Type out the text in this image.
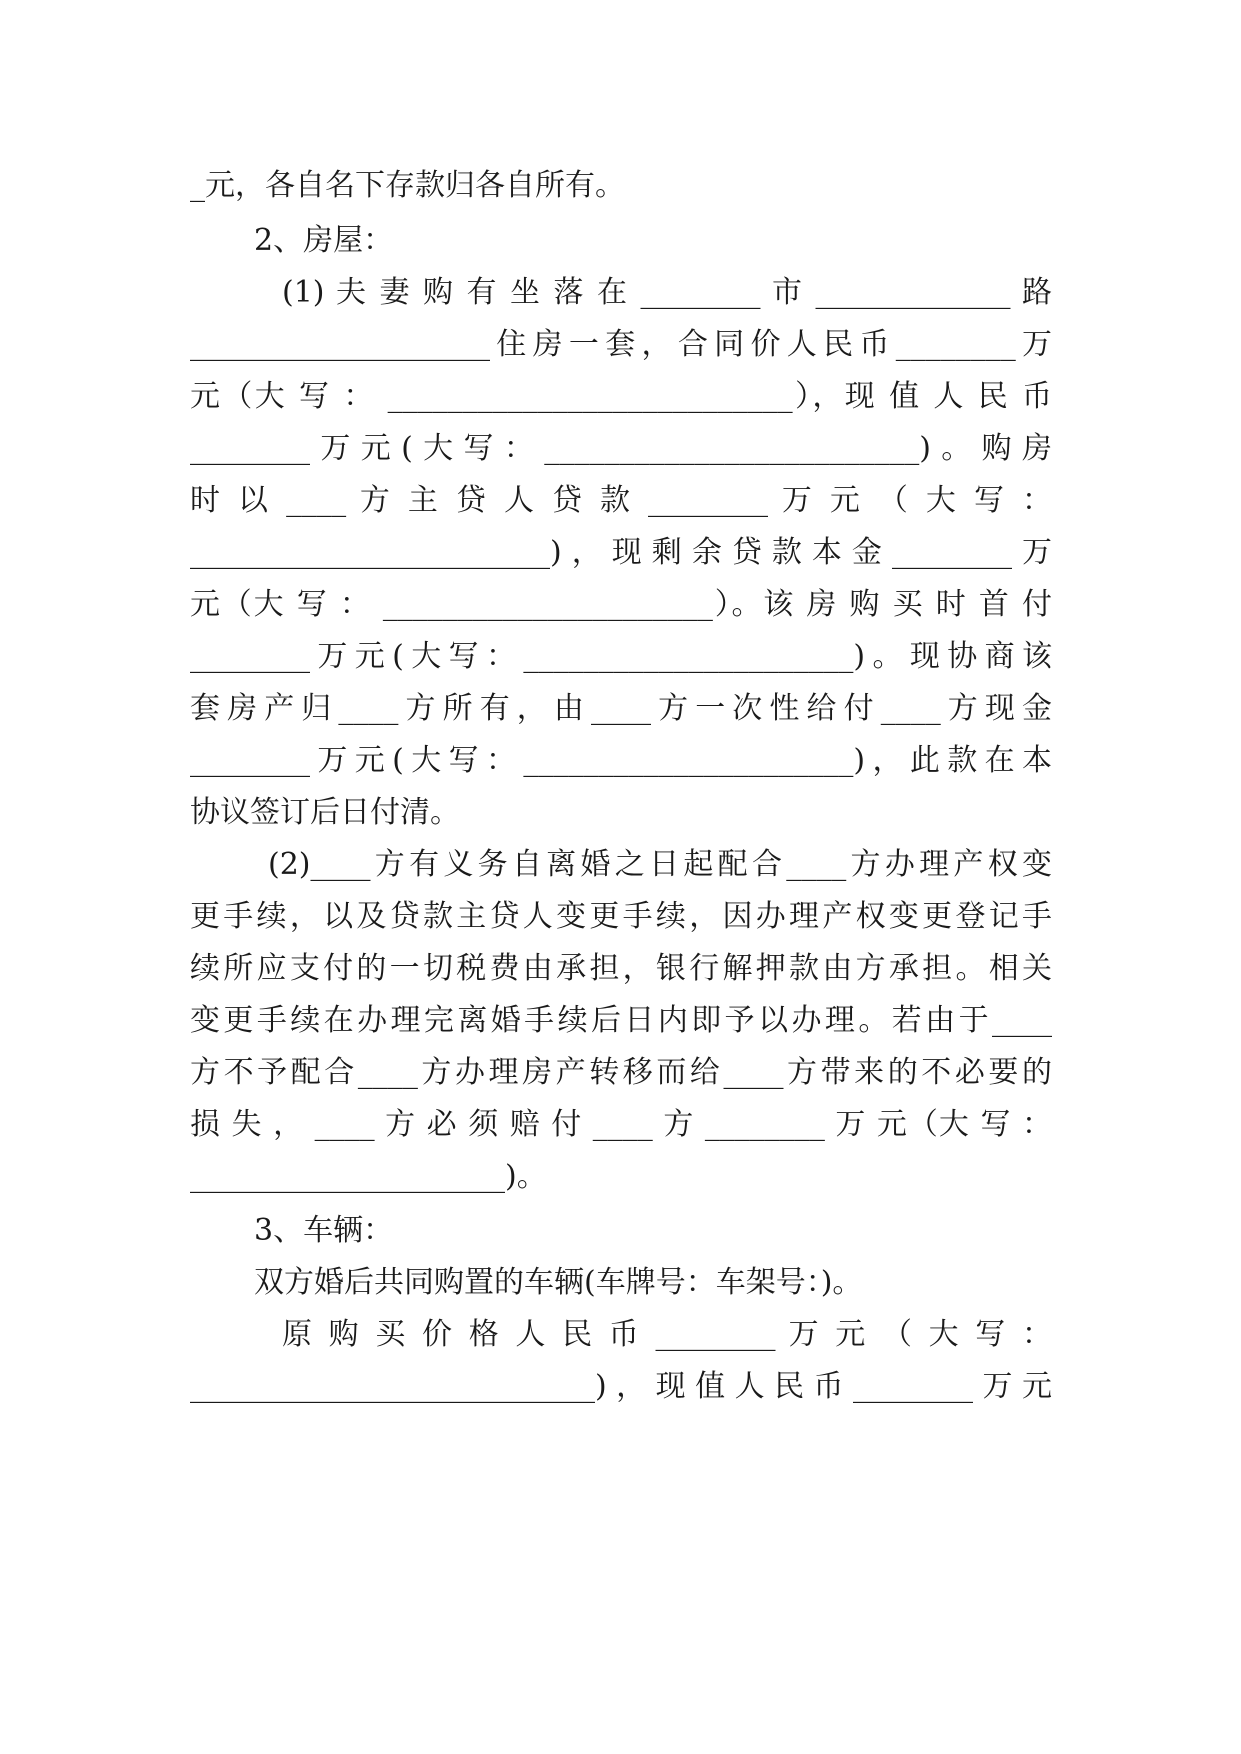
_元，各自名下存款归各自所有。
2、房屋：
(1) 夫 妻 购 有 坐 落 在 ________ 市 _____________ 路
____________________住房一套，合同价人民币________万
元（大 写 ： ___________________________），现 值 人 民 币
________万元(大写：_________________________)。购房
时 以 ____ 方 主 贷 人 贷 款 ________ 万 元 （ 大 写 ：
________________________)，现剩余贷款本金________万
元（大 写 ： ______________________）。该 房 购 买 时 首 付
________万元(大写：______________________)。现协商该
套房产归____方所有，由____方一次性给付____方现金
________万元(大写：______________________)，此款在本
协议签订后日付清。
(2)____方有义务自离婚之日起配合____方办理产权变
更手续，以及贷款主贷人变更手续，因办理产权变更登记手
续所应支付的一切税费由承担，银行解押款由方承担。相关
变更手续在办理完离婚手续后日内即予以办理。若由于____
方不予配合____方办理房产转移而给____方带来的不必要的
损 失 ， ____ 方 必 须 赔 付 ____ 方 ________ 万 元（大 写 ：
_____________________)。
3、车辆：
双方婚后共同购置的车辆(车牌号：车架号：)。
原 购 买 价 格 人 民 币 ________ 万 元 （ 大 写 ：
___________________________)，现值人民币________万元
